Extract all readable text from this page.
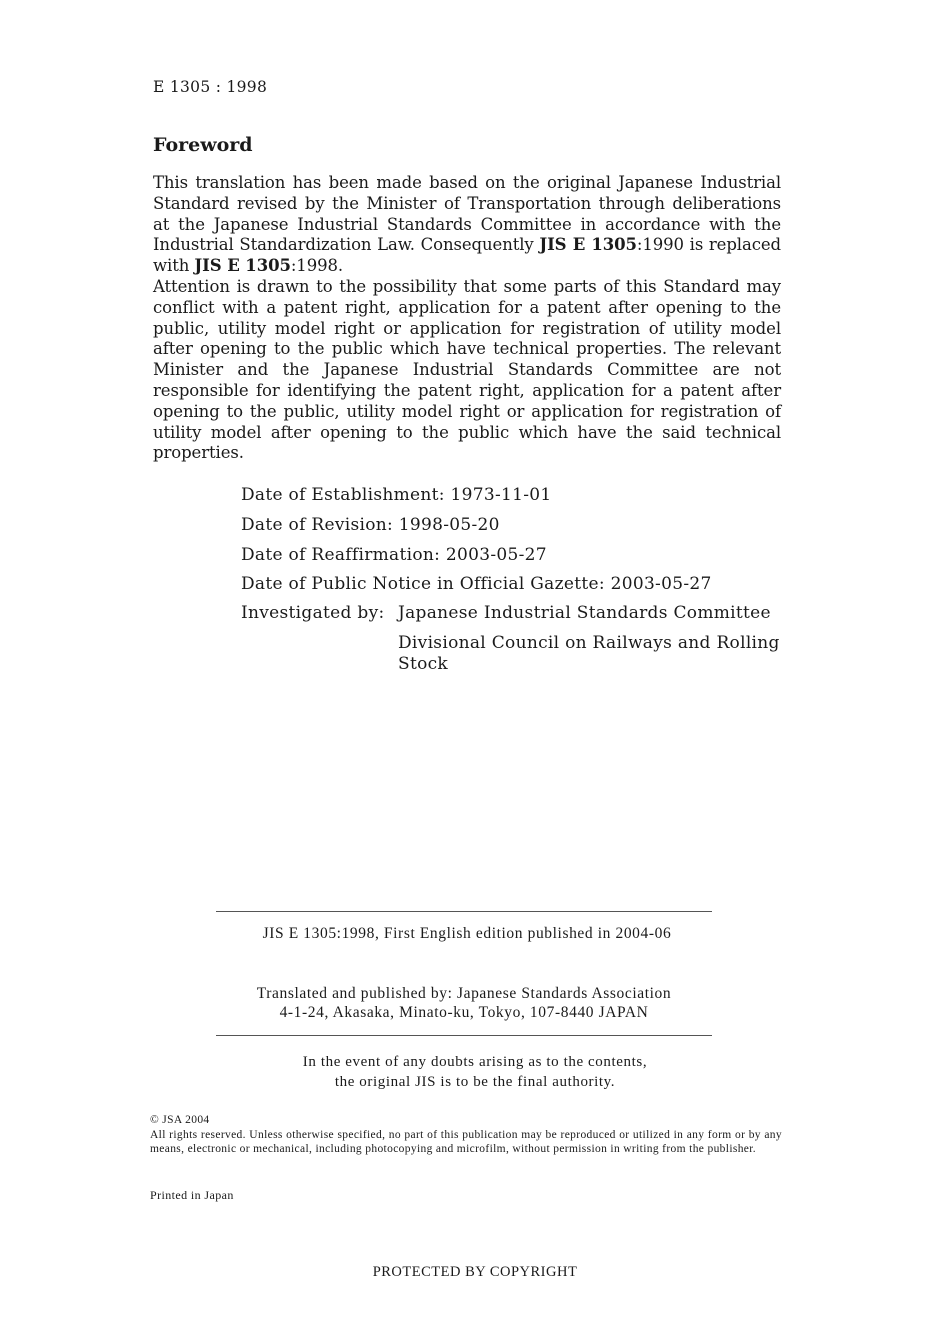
E 1305 : 1998
Foreword

This translation has been made based on the original Japanese Industrial Standard revised by the Minister of Transportation through deliberations at the Japanese Industrial Standards Committee in accordance with the Industrial Standardization Law. Consequently JIS E 1305:1990 is replaced with JIS E 1305:1998.

Attention is drawn to the possibility that some parts of this Standard may conflict with a patent right, application for a patent after opening to the public, utility model right or application for registration of utility model after opening to the public which have technical properties. The relevant Minister and the Japanese Industrial Standards Committee are not responsible for identifying the patent right, application for a patent after opening to the public, utility model right or application for registration of utility model after opening to the public which have the said technical properties.

Date of Establishment: 1973-11-01
Date of Revision: 1998-05-20
Date of Reaffirmation: 2003-05-27
Date of Public Notice in Official Gazette: 2003-05-27
Investigated by: Japanese Industrial Standards Committee
Divisional Council on Railways and Rolling Stock
JIS E 1305:1998, First English edition published in 2004-06
Translated and published by: Japanese Standards Association
4-1-24, Akasaka, Minato-ku, Tokyo, 107-8440 JAPAN
In the event of any doubts arising as to the contents,
the original JIS is to be the final authority.

© JSA 2004

All rights reserved. Unless otherwise specified, no part of this publication may be reproduced or utilized in any form or by any means, electronic or mechanical, including photocopying and microfilm, without permission in writing from the publisher.

Printed in Japan
PROTECTED BY COPYRIGHT
